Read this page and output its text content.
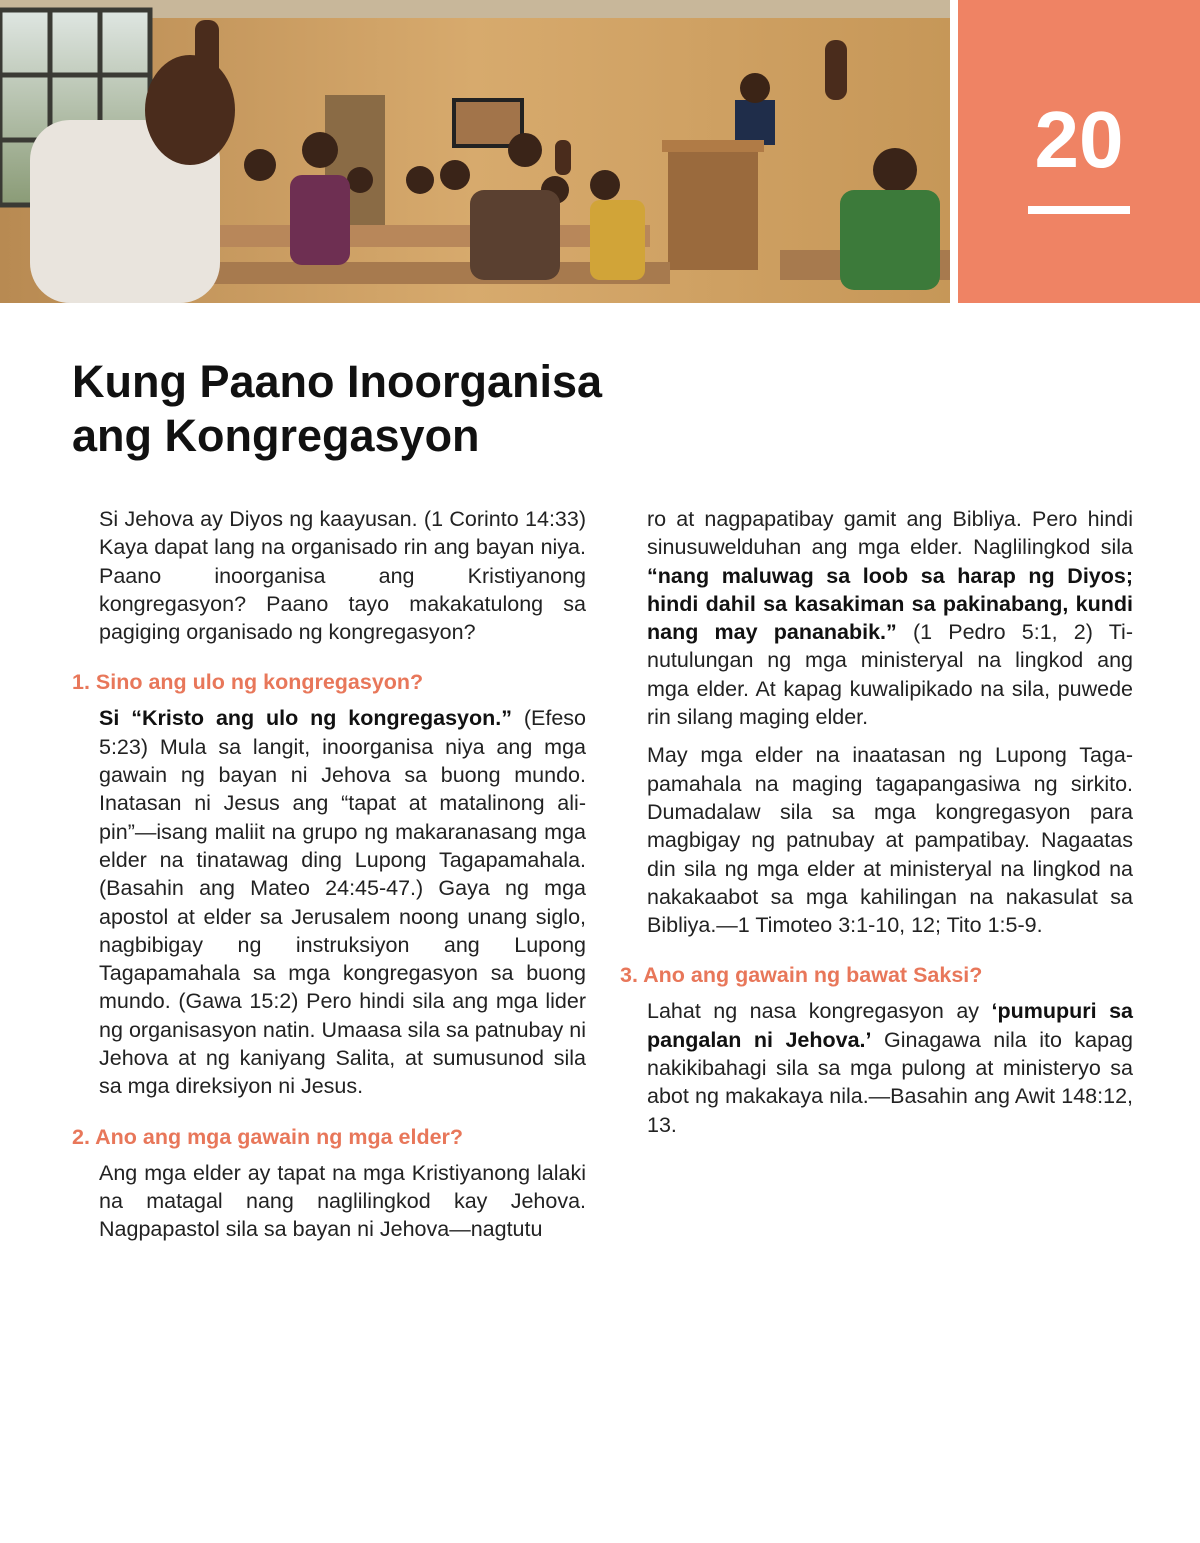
20
Kung Paano Inoorganisa
ang Kongregasyon

Si Jehova ay Diyos ng kaayusan. (1 Corinto 14:33) Kaya dapat lang na organisado rin ang bayan niya. Paano inoorganisa ang Kristiyanong kongregasyon? Paano tayo makakatulong sa pagiging organisado ng kongregasyon?

1. Sino ang ulo ng kongregasyon?

Si “Kristo ang ulo ng kongregasyon.” (Efeso 5:23) Mula sa langit, inoorganisa niya ang mga gawain ng bayan ni Jehova sa buong mundo. Inatasan ni Jesus ang “tapat at matalinong alipin”—isang maliit na grupo ng makaranasang mga elder na tinatawag ding Lupong Tagapamahala. (Basahin ang Mateo 24:45-47.) Gaya ng mga apostol at elder sa Jerusalem noong unang siglo, nagbibigay ng instruksiyon ang Lupong Tagapamahala sa mga kongregasyon sa buong mundo. (Gawa 15:2) Pero hindi sila ang mga lider ng organisasyon natin. Umaasa sila sa patnubay ni Jehova at ng kaniyang Salita, at sumusunod sila sa mga direksiyon ni Jesus.

2. Ano ang mga gawain ng mga elder?

Ang mga elder ay tapat na mga Kristiyanong lalaki na matagal nang naglilingkod kay Jehova. Nagpapastol sila sa bayan ni Jehova—nagtutu

ro at nagpapatibay gamit ang Bibliya. Pero hindi sinusuwelduhan ang mga elder. Naglilingkod sila “nang maluwag sa loob sa harap ng Diyos; hindi dahil sa kasakiman sa pakinabang, kundi nang may pananabik.” (1 Pedro 5:1, 2) Tinutulungan ng mga ministeryal na lingkod ang mga elder. At kapag kuwalipikado na sila, puwede rin silang maging elder.

May mga elder na inaatasan ng Lupong Tagapamahala na maging tagapangasiwa ng sirkito. Dumadalaw sila sa mga kongregasyon para magbigay ng patnubay at pampatibay. Nagaatas din sila ng mga elder at ministeryal na lingkod na nakakaabot sa mga kahilingan na nakasulat sa Bibliya.—1 Timoteo 3:1-10, 12; Tito 1:5-9.

3. Ano ang gawain ng bawat Saksi?

Lahat ng nasa kongregasyon ay ‘pumupuri sa pangalan ni Jehova.’ Ginagawa nila ito kapag nakikibahagi sila sa mga pulong at ministeryo sa abot ng makakaya nila.—Basahin ang Awit 148:12, 13.
